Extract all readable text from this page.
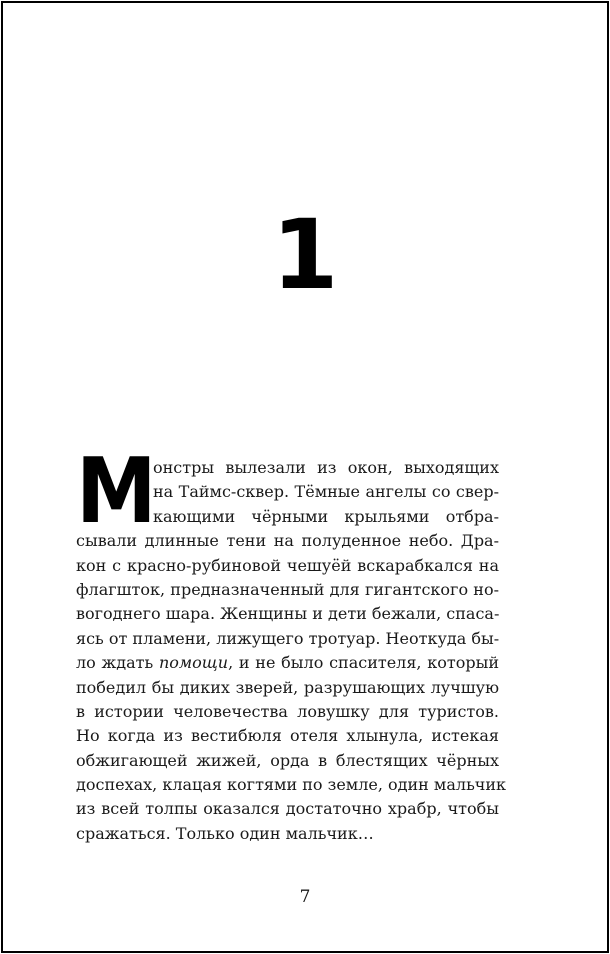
1
М
онстры вылезали из окон, выходящих
на Таймс-сквер. Тёмные ангелы со свер-
кающими чёрными крыльями отбра-
сывали длинные тени на полуденное небо. Дра-
кон с красно-рубиновой чешуёй вскарабкался на
флагшток, предназначенный для гигантского но-
вогоднего шара. Женщины и дети бежали, спаса-
ясь от пламени, лижущего тротуар. Неоткуда бы-
ло ждать помощи, и не было спасителя, который
победил бы диких зверей, разрушающих лучшую
в истории человечества ловушку для туристов.
Но когда из вестибюля отеля хлынула, истекая
обжигающей жижей, орда в блестящих чёрных
доспехах, клацая когтями по земле, один мальчик
из всей толпы оказался достаточно храбр, чтобы
сражаться. Только один мальчик…
7
